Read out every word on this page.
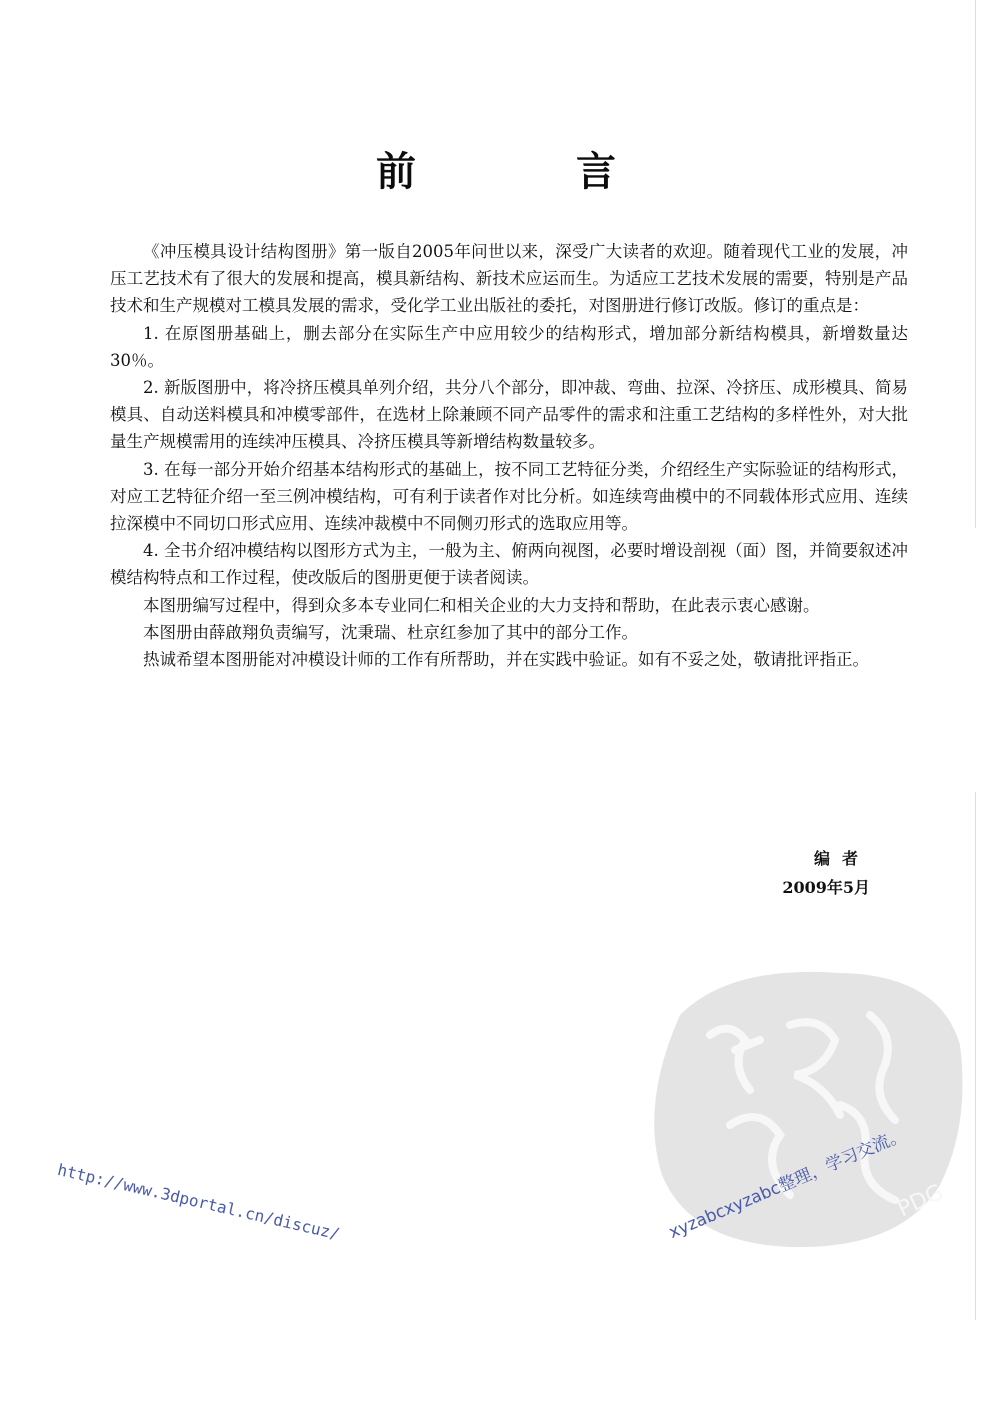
前　言

《冲压模具设计结构图册》第一版自2005年问世以来，深受广大读者的欢迎。随着现代工业的发展，冲压工艺技术有了很大的发展和提高，模具新结构、新技术应运而生。为适应工艺技术发展的需要，特别是产品技术和生产规模对工模具发展的需求，受化学工业出版社的委托，对图册进行修订改版。修订的重点是：

1. 在原图册基础上，删去部分在实际生产中应用较少的结构形式，增加部分新结构模具，新增数量达30％。

2. 新版图册中，将冷挤压模具单列介绍，共分八个部分，即冲裁、弯曲、拉深、冷挤压、成形模具、简易模具、自动送料模具和冲模零部件，在选材上除兼顾不同产品零件的需求和注重工艺结构的多样性外，对大批量生产规模需用的连续冲压模具、冷挤压模具等新增结构数量较多。

3. 在每一部分开始介绍基本结构形式的基础上，按不同工艺特征分类，介绍经生产实际验证的结构形式，对应工艺特征介绍一至三例冲模结构，可有利于读者作对比分析。如连续弯曲模中的不同载体形式应用、连续拉深模中不同切口形式应用、连续冲裁模中不同侧刃形式的选取应用等。

4. 全书介绍冲模结构以图形方式为主，一般为主、俯两向视图，必要时增设剖视（面）图，并简要叙述冲模结构特点和工作过程，使改版后的图册更便于读者阅读。

本图册编写过程中，得到众多本专业同仁和相关企业的大力支持和帮助，在此表示衷心感谢。

本图册由薛啟翔负责编写，沈秉瑞、杜京红参加了其中的部分工作。

热诚希望本图册能对冲模设计师的工作有所帮助，并在实践中验证。如有不妥之处，敬请批评指正。

编者
2009年5月
PDG
http://www.3dportal.cn/discuz/	xyzabcxyzabc整理，学习交流。
